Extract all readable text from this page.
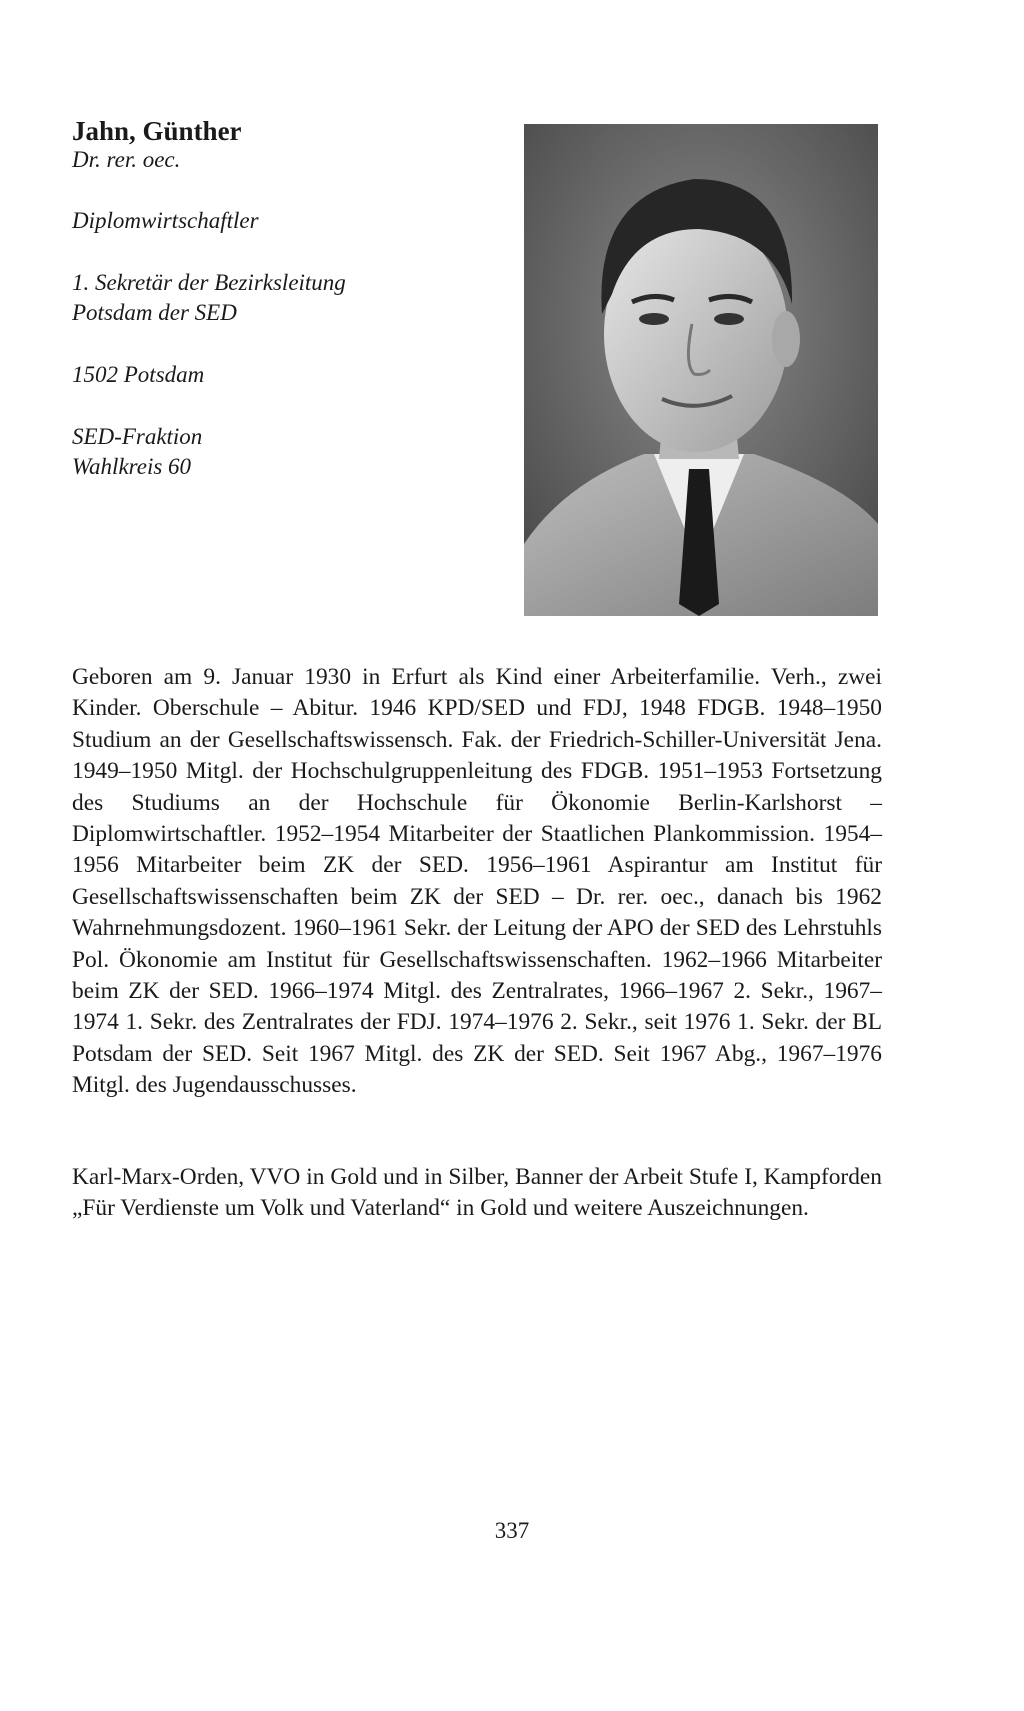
Jahn, Günther

Dr. rer. oec.

Diplomwirtschaftler

1. Sekretär der Bezirksleitung

Potsdam der SED

1502 Potsdam

SED-Fraktion

Wahlkreis 60

Geboren am 9. Januar 1930 in Erfurt als Kind einer Arbeiterfamilie. Verh., zwei Kinder. Oberschule – Abitur. 1946 KPD/SED und FDJ, 1948 FDGB. 1948–1950 Studium an der Gesellschaftswissensch. Fak. der Friedrich-Schiller-Universität Jena. 1949–1950 Mitgl. der Hochschulgruppenleitung des FDGB. 1951–1953 Fortsetzung des Studiums an der Hochschule für Ökonomie Berlin-Karlshorst – Diplomwirtschaftler. 1952–1954 Mitarbeiter der Staatlichen Plankommission. 1954–1956 Mitarbeiter beim ZK der SED. 1956–1961 Aspirantur am Institut für Gesellschaftswissenschaften beim ZK der SED – Dr. rer. oec., danach bis 1962 Wahrnehmungsdozent. 1960–1961 Sekr. der Leitung der APO der SED des Lehrstuhls Pol. Ökonomie am Institut für Gesellschaftswissenschaften. 1962–1966 Mitarbeiter beim ZK der SED. 1966–1974 Mitgl. des Zentralrates, 1966–1967 2. Sekr., 1967–1974 1. Sekr. des Zentralrates der FDJ. 1974–1976 2. Sekr., seit 1976 1. Sekr. der BL Potsdam der SED. Seit 1967 Mitgl. des ZK der SED. Seit 1967 Abg., 1967–1976 Mitgl. des Jugendausschusses.

Karl-Marx-Orden, VVO in Gold und in Silber, Banner der Arbeit Stufe I, Kampforden „Für Verdienste um Volk und Vaterland“ in Gold und weitere Auszeichnungen.

337
